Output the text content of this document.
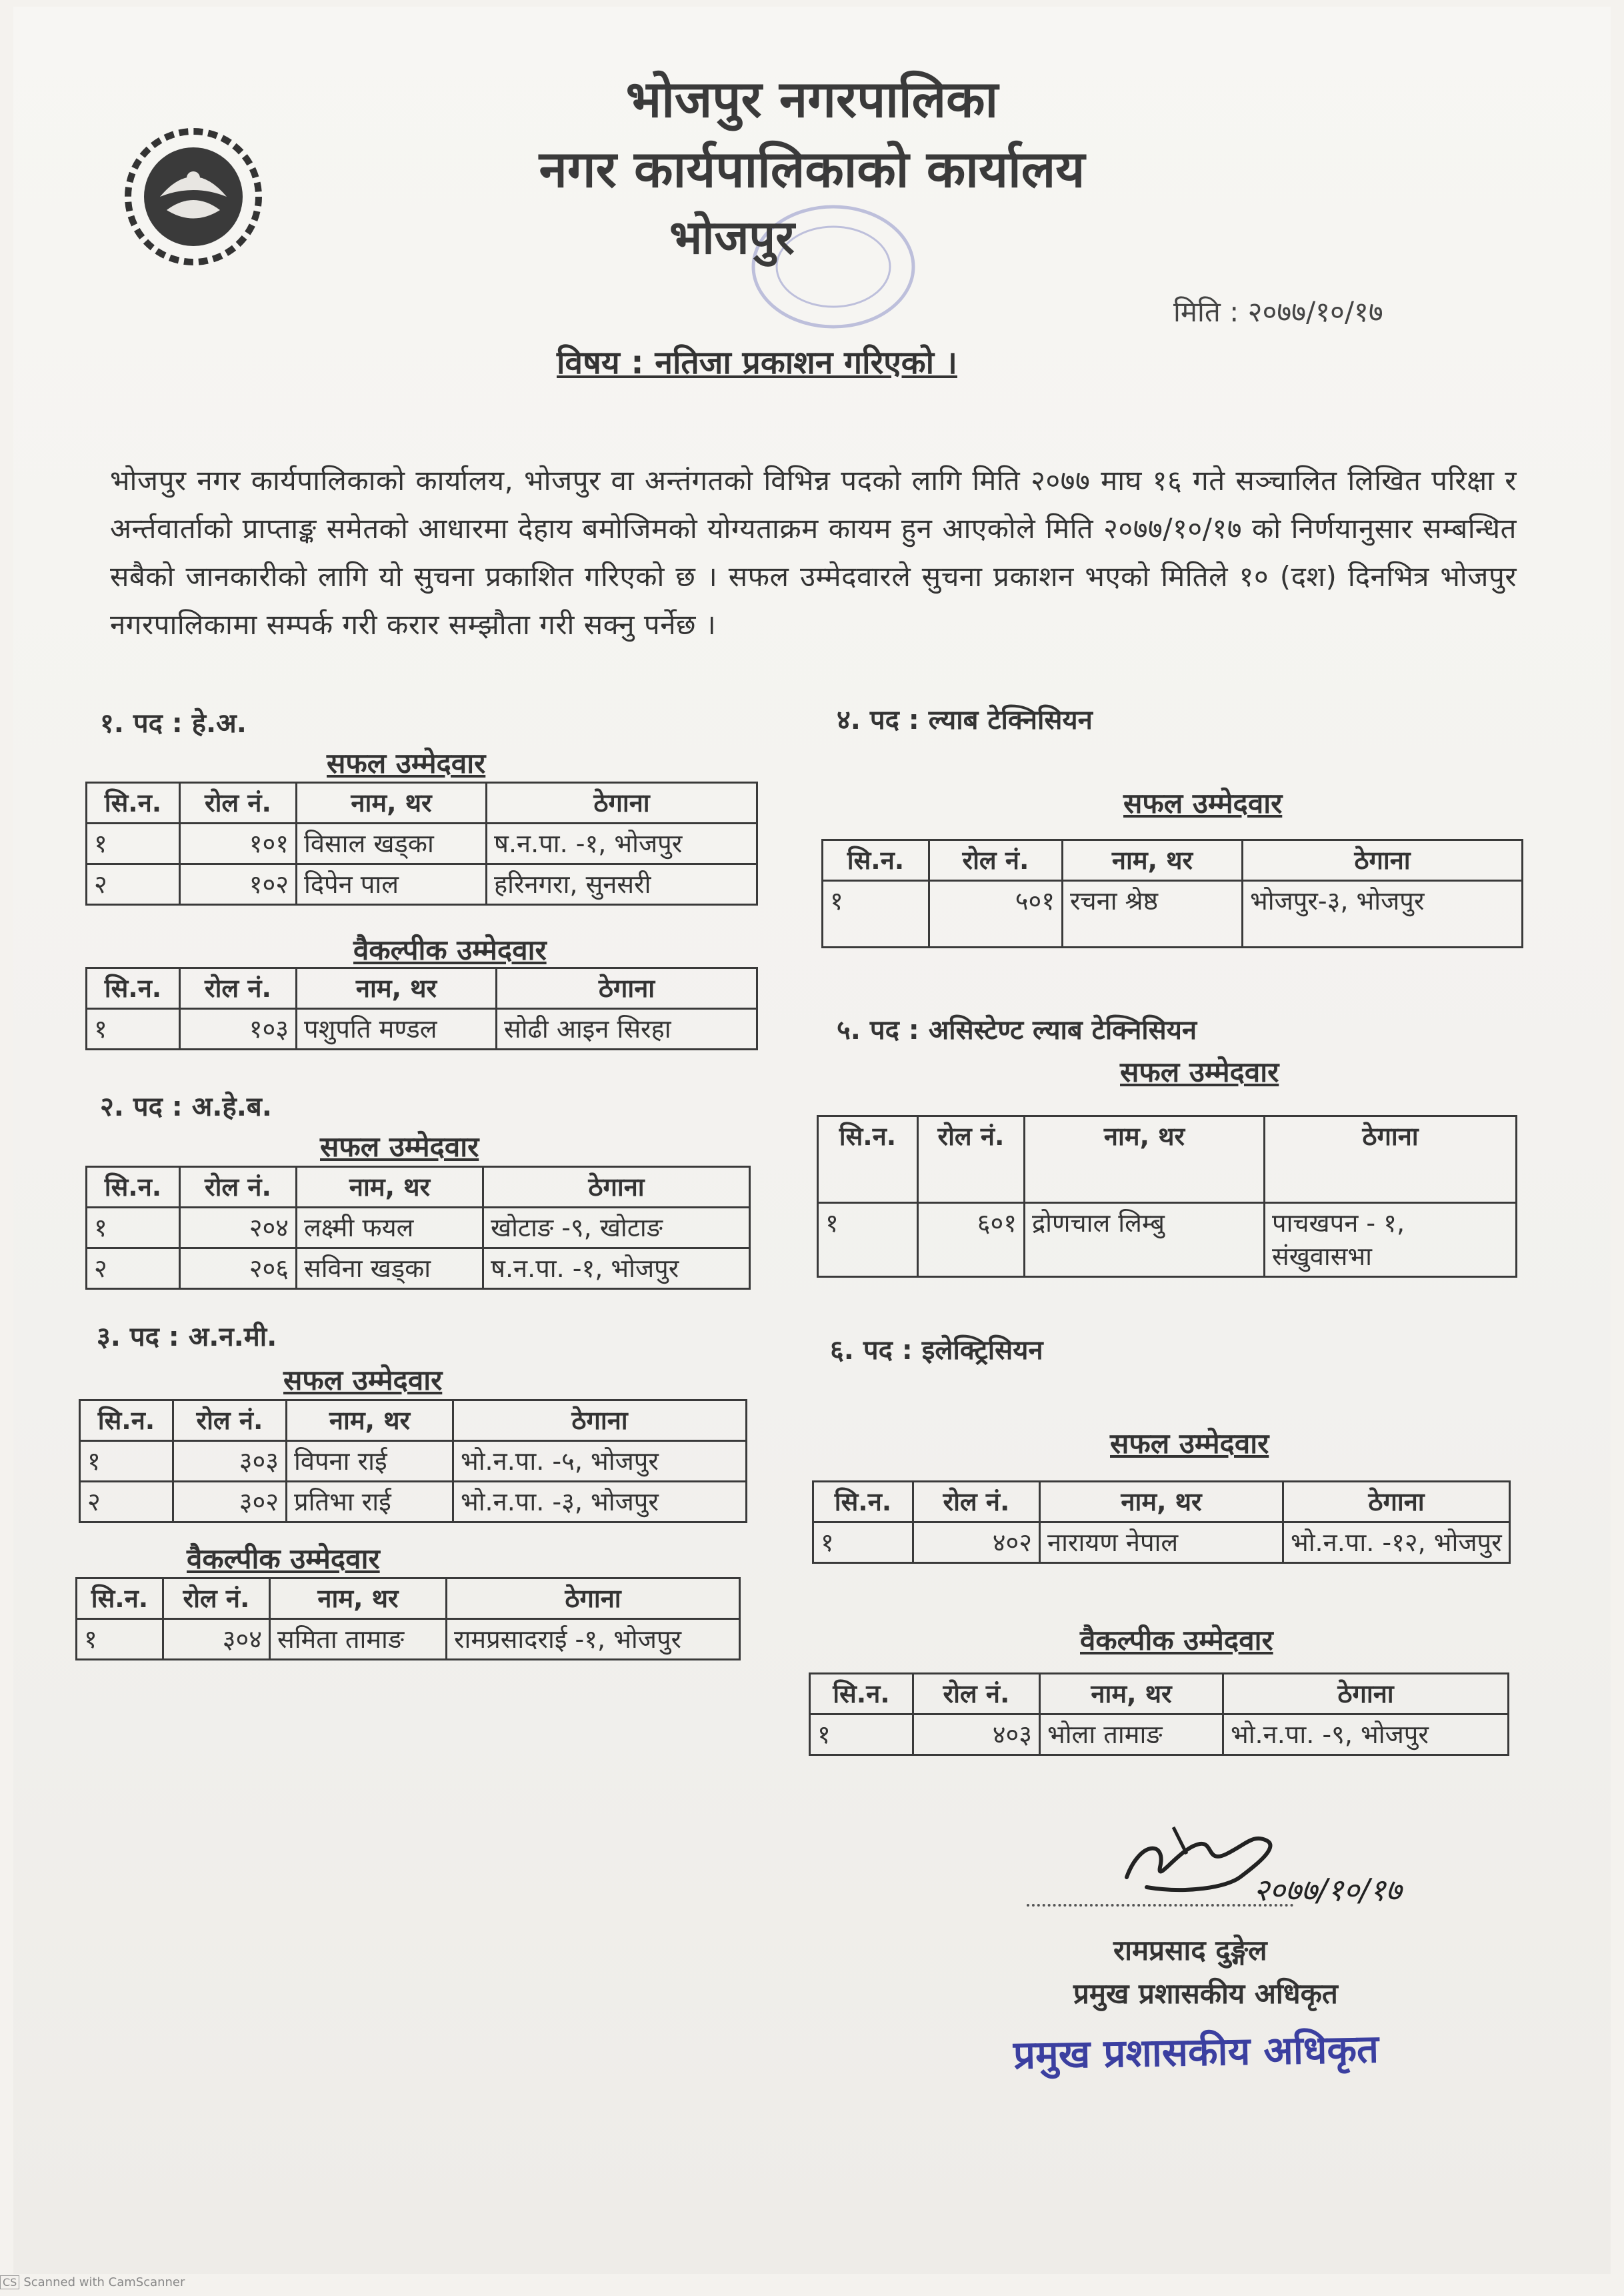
भोजपुर नगरपालिका
नगर कार्यपालिकाको कार्यालय
भोजपुर
मिति : २०७७/१०/१७
विषय : नतिजा प्रकाशन गरिएको ।
भोजपुर नगर कार्यपालिकाको कार्यालय, भोजपुर वा अन्तंगतको विभिन्न पदको लागि मिति २०७७ माघ १६ गते सञ्चालित लिखित परिक्षा र अर्न्तवार्ताको प्राप्ताङ्क समेतको आधारमा देहाय बमोजिमको योग्यताक्रम कायम हुन आएकोले मिति २०७७/१०/१७ को निर्णयानुसार सम्बन्धित सबैको जानकारीको लागि यो सुचना प्रकाशित गरिएको छ । सफल उम्मेदवारले सुचना प्रकाशन भएको मितिले १० (दश) दिनभित्र भोजपुर नगरपालिकामा सम्पर्क गरी करार सम्झौता गरी सक्नु पर्नेछ ।
१. पद : हे.अ.
सफल उम्मेदवार
सि.न.	रोल नं.	नाम, थर	ठेगाना
१	१०१	विसाल खड्का	ष.न.पा. -१, भोजपुर
२	१०२	दिपेन पाल	हरिनगरा, सुनसरी
वैकल्पीक उम्मेदवार
सि.न.	रोल नं.	नाम, थर	ठेगाना
१	१०३	पशुपति मण्डल	सोढी आइन सिरहा
२. पद : अ.हे.ब.
सफल उम्मेदवार
सि.न.	रोल नं.	नाम, थर	ठेगाना
१	२०४	लक्ष्मी फयल	खोटाङ -९, खोटाङ
२	२०६	सविना खड्का	ष.न.पा. -१, भोजपुर
३. पद : अ.न.मी.
सफल उम्मेदवार
सि.न.	रोल नं.	नाम, थर	ठेगाना
१	३०३	विपना राई	भो.न.पा. -५, भोजपुर
२	३०२	प्रतिभा राई	भो.न.पा. -३, भोजपुर
वैकल्पीक उम्मेदवार
सि.न.	रोल नं.	नाम, थर	ठेगाना
१	३०४	समिता तामाङ	रामप्रसादराई -१, भोजपुर
४. पद : ल्याब टेक्निसियन
सफल उम्मेदवार
सि.न.	रोल नं.	नाम, थर	ठेगाना
१	५०१	रचना श्रेष्ठ	भोजपुर-३, भोजपुर
५. पद : असिस्टेण्ट ल्याब टेक्निसियन
सफल उम्मेदवार
सि.न.	रोल नं.	नाम, थर	ठेगाना
१	६०१	द्रोणचाल लिम्बु	पाचखपन - १, संखुवासभा
६. पद : इलेक्ट्रिसियन
सफल उम्मेदवार
सि.न.	रोल नं.	नाम, थर	ठेगाना
१	४०२	नारायण नेपाल	भो.न.पा. -१२, भोजपुर
वैकल्पीक उम्मेदवार
सि.न.	रोल नं.	नाम, थर	ठेगाना
१	४०३	भोला तामाङ	भो.न.पा. -९, भोजपुर
२०७७/१०/१७
रामप्रसाद दुङ्गेल
प्रमुख प्रशासकीय अधिकृत
प्रमुख प्रशासकीय अधिकृत
CS Scanned with CamScanner
